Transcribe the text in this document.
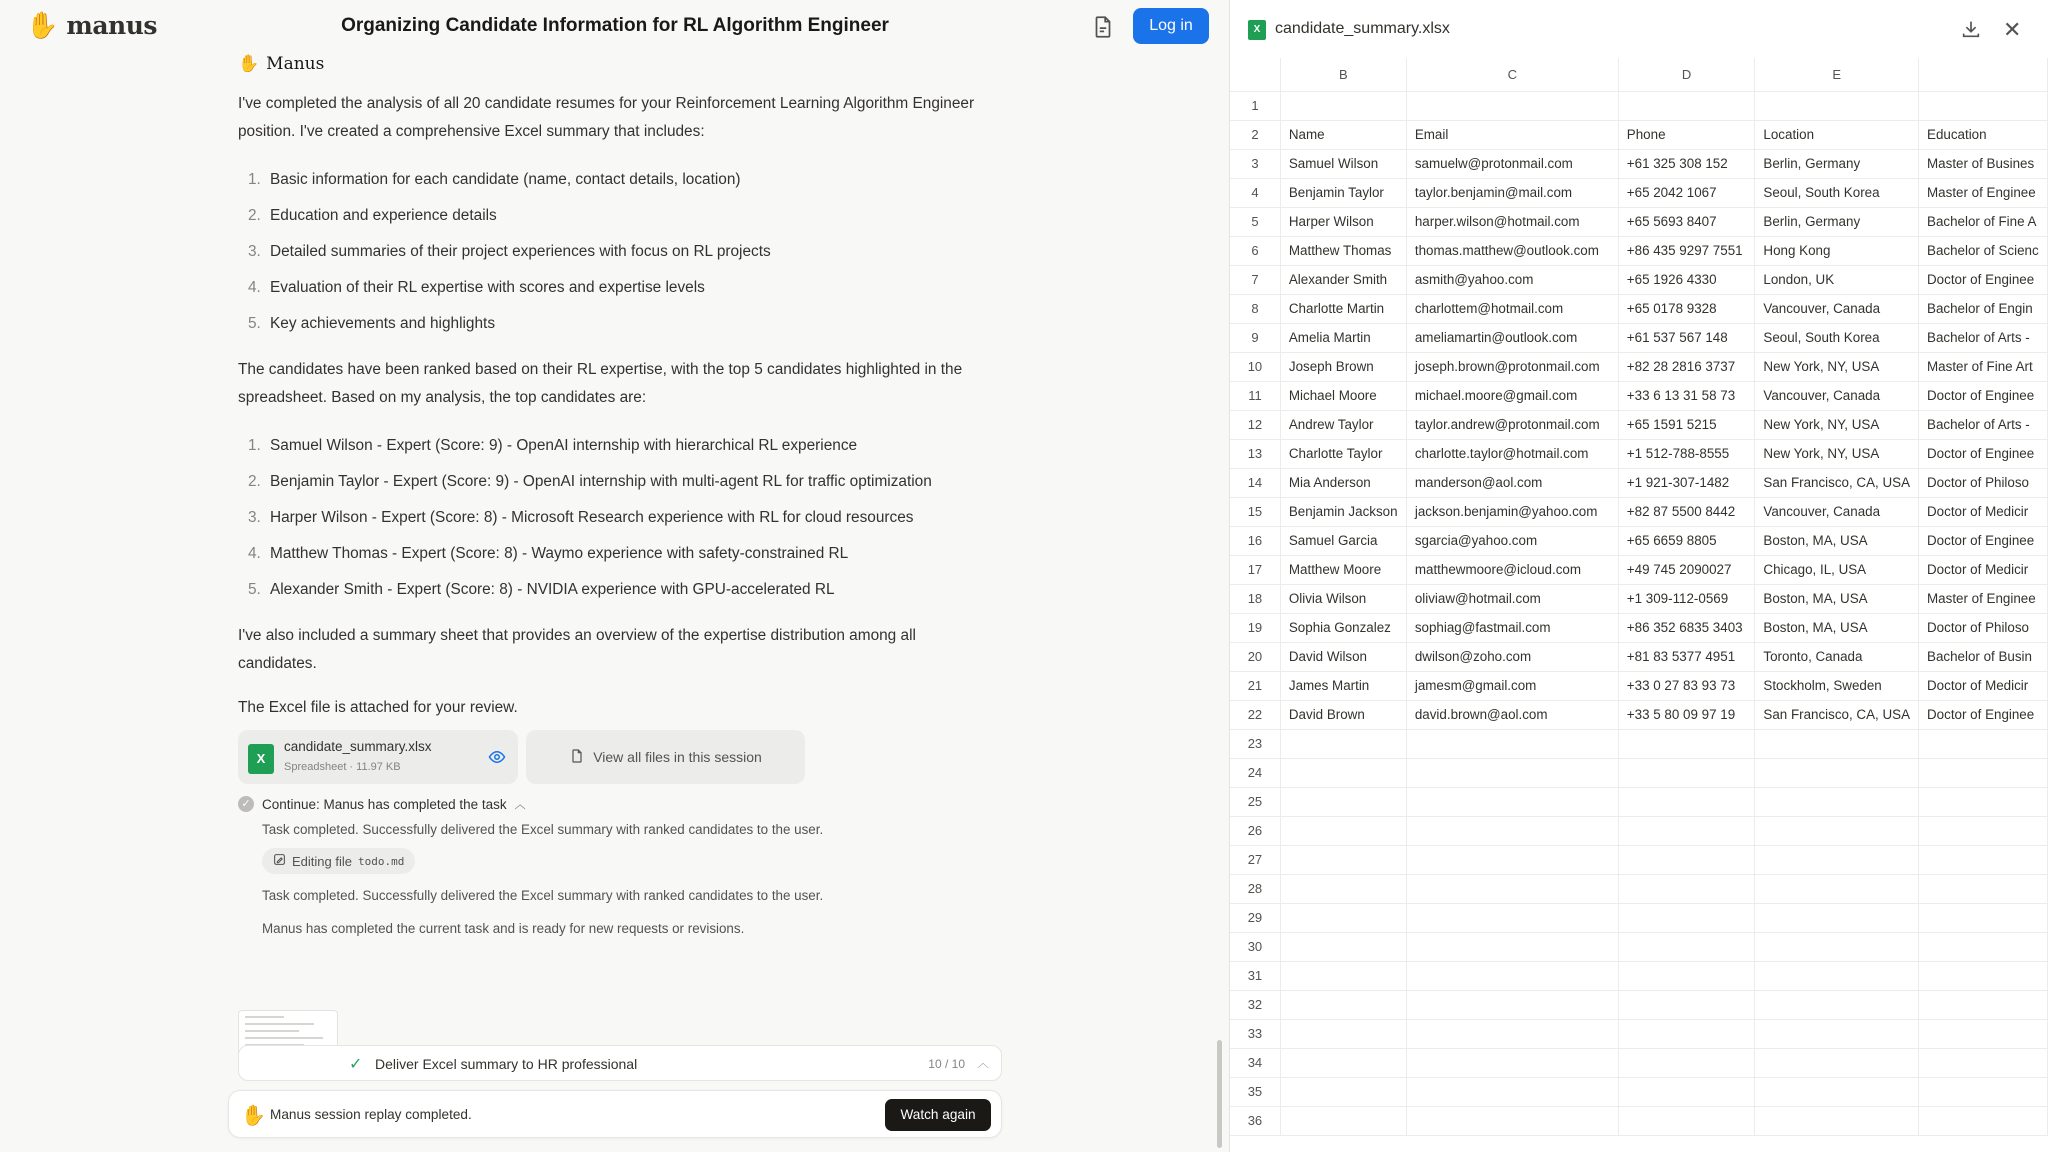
✋ manus	Organizing Candidate Information for RL Algorithm Engineer	Log in
✋ Manus

I've completed the analysis of all 20 candidate resumes for your Reinforcement Learning Algorithm Engineer position. I've created a comprehensive Excel summary that includes:

1. Basic information for each candidate (name, contact details, location)
2. Education and experience details
3. Detailed summaries of their project experiences with focus on RL projects
4. Evaluation of their RL expertise with scores and expertise levels
5. Key achievements and highlights

The candidates have been ranked based on their RL expertise, with the top 5 candidates highlighted in the spreadsheet. Based on my analysis, the top candidates are:

1. Samuel Wilson - Expert (Score: 9) - OpenAI internship with hierarchical RL experience
2. Benjamin Taylor - Expert (Score: 9) - OpenAI internship with multi-agent RL for traffic optimization
3. Harper Wilson - Expert (Score: 8) - Microsoft Research experience with RL for cloud resources
4. Matthew Thomas - Expert (Score: 8) - Waymo experience with safety-constrained RL
5. Alexander Smith - Expert (Score: 8) - NVIDIA experience with GPU-accelerated RL

I've also included a summary sheet that provides an overview of the expertise distribution among all candidates.

The Excel file is attached for your review.

X
candidate_summary.xlsx
Spreadsheet · 11.97 KB
View all files in this session
✓ Continue: Manus has completed the task ︿
Task completed. Successfully delivered the Excel summary with ranked candidates to the user.
Editing file todo.md
Task completed. Successfully delivered the Excel summary with ranked candidates to the user.
Manus has completed the current task and is ready for new requests or revisions.
✓ Deliver Excel summary to HR professional	10 / 10 ︿
✋ Manus session replay completed.	Watch again
X candidate_summary.xlsx	✕
	B	C	D	E	
1					
2	Name	Email	Phone	Location	Education
3	Samuel Wilson	samuelw@protonmail.com	+61 325 308 152	Berlin, Germany	Master of Busines
4	Benjamin Taylor	taylor.benjamin@mail.com	+65 2042 1067	Seoul, South Korea	Master of Enginee
5	Harper Wilson	harper.wilson@hotmail.com	+65 5693 8407	Berlin, Germany	Bachelor of Fine A
6	Matthew Thomas	thomas.matthew@outlook.com	+86 435 9297 7551	Hong Kong	Bachelor of Scienc
7	Alexander Smith	asmith@yahoo.com	+65 1926 4330	London, UK	Doctor of Enginee
8	Charlotte Martin	charlottem@hotmail.com	+65 0178 9328	Vancouver, Canada	Bachelor of Engin
9	Amelia Martin	ameliamartin@outlook.com	+61 537 567 148	Seoul, South Korea	Bachelor of Arts -
10	Joseph Brown	joseph.brown@protonmail.com	+82 28 2816 3737	New York, NY, USA	Master of Fine Art
11	Michael Moore	michael.moore@gmail.com	+33 6 13 31 58 73	Vancouver, Canada	Doctor of Enginee
12	Andrew Taylor	taylor.andrew@protonmail.com	+65 1591 5215	New York, NY, USA	Bachelor of Arts -
13	Charlotte Taylor	charlotte.taylor@hotmail.com	+1 512-788-8555	New York, NY, USA	Doctor of Enginee
14	Mia Anderson	manderson@aol.com	+1 921-307-1482	San Francisco, CA, USA	Doctor of Philoso
15	Benjamin Jackson	jackson.benjamin@yahoo.com	+82 87 5500 8442	Vancouver, Canada	Doctor of Medicir
16	Samuel Garcia	sgarcia@yahoo.com	+65 6659 8805	Boston, MA, USA	Doctor of Enginee
17	Matthew Moore	matthewmoore@icloud.com	+49 745 2090027	Chicago, IL, USA	Doctor of Medicir
18	Olivia Wilson	oliviaw@hotmail.com	+1 309-112-0569	Boston, MA, USA	Master of Enginee
19	Sophia Gonzalez	sophiag@fastmail.com	+86 352 6835 3403	Boston, MA, USA	Doctor of Philoso
20	David Wilson	dwilson@zoho.com	+81 83 5377 4951	Toronto, Canada	Bachelor of Busin
21	James Martin	jamesm@gmail.com	+33 0 27 83 93 73	Stockholm, Sweden	Doctor of Medicir
22	David Brown	david.brown@aol.com	+33 5 80 09 97 19	San Francisco, CA, USA	Doctor of Enginee
23					
24					
25					
26					
27					
28					
29					
30					
31					
32					
33					
34					
35					
36					
